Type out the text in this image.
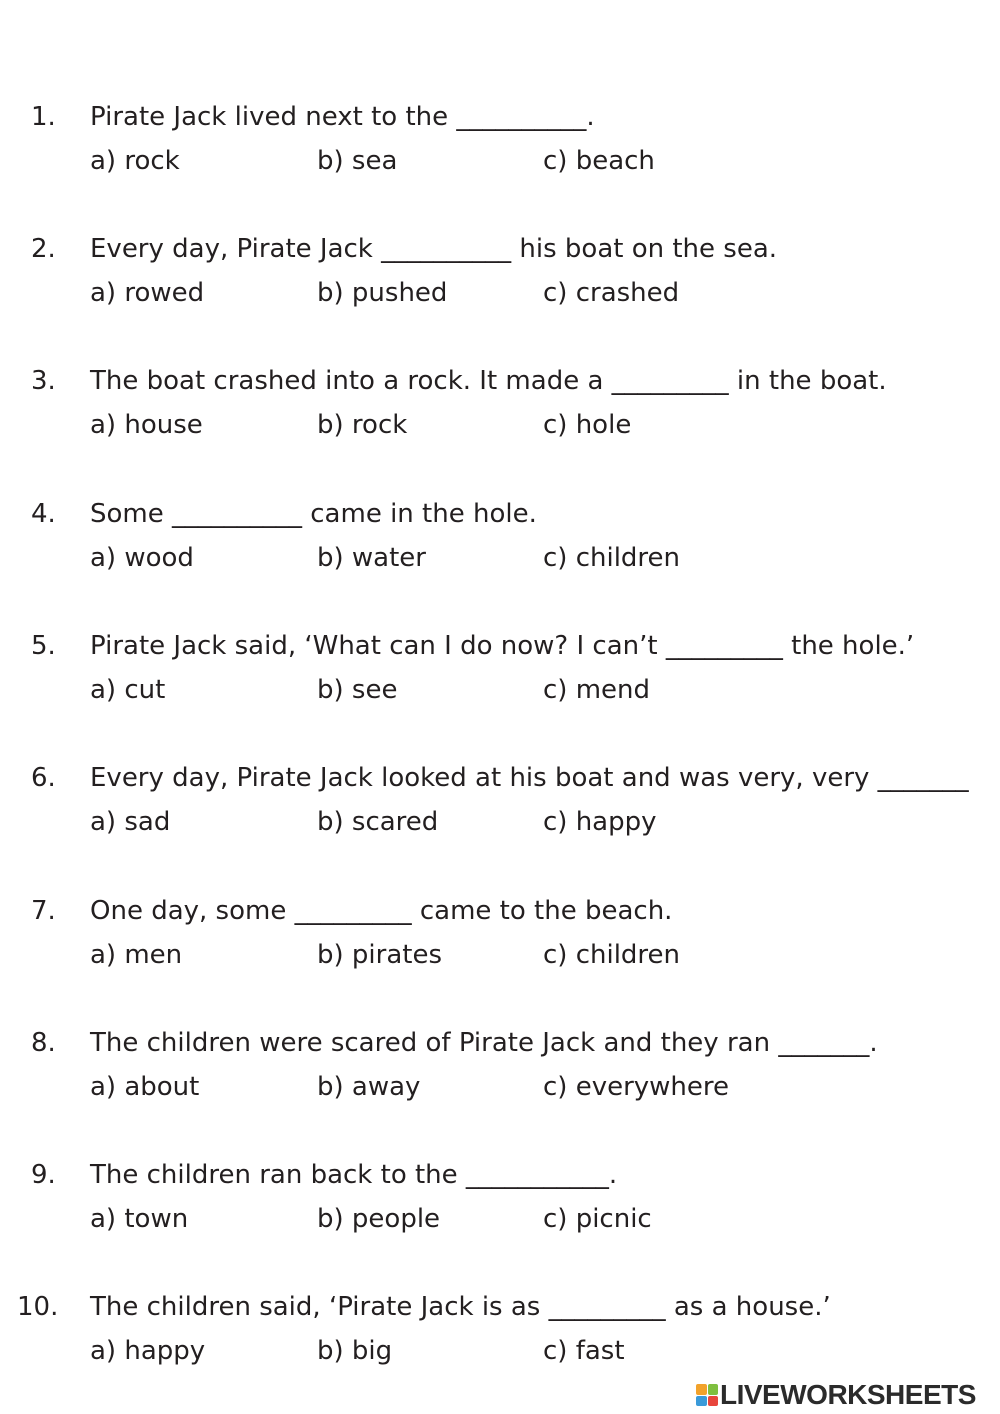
1. Pirate Jack lived next to the __________.
a) rock	b) sea	c) beach
2. Every day, Pirate Jack __________ his boat on the sea.
a) rowed	b) pushed	c) crashed
3. The boat crashed into a rock. It made a _________ in the boat.
a) house	b) rock	c) hole
4. Some __________ came in the hole.
a) wood	b) water	c) children
5. Pirate Jack said, ‘What can I do now? I can’t _________ the hole.’
a) cut	b) see	c) mend
6. Every day, Pirate Jack looked at his boat and was very, very _______
a) sad	b) scared	c) happy
7. One day, some _________ came to the beach.
a) men	b) pirates	c) children
8. The children were scared of Pirate Jack and they ran _______.
a) about	b) away	c) everywhere
9. The children ran back to the ___________.
a) town	b) people	c) picnic
10. The children said, ‘Pirate Jack is as _________ as a house.’
a) happy	b) big	c) fast
LIVEWORKSHEETS
